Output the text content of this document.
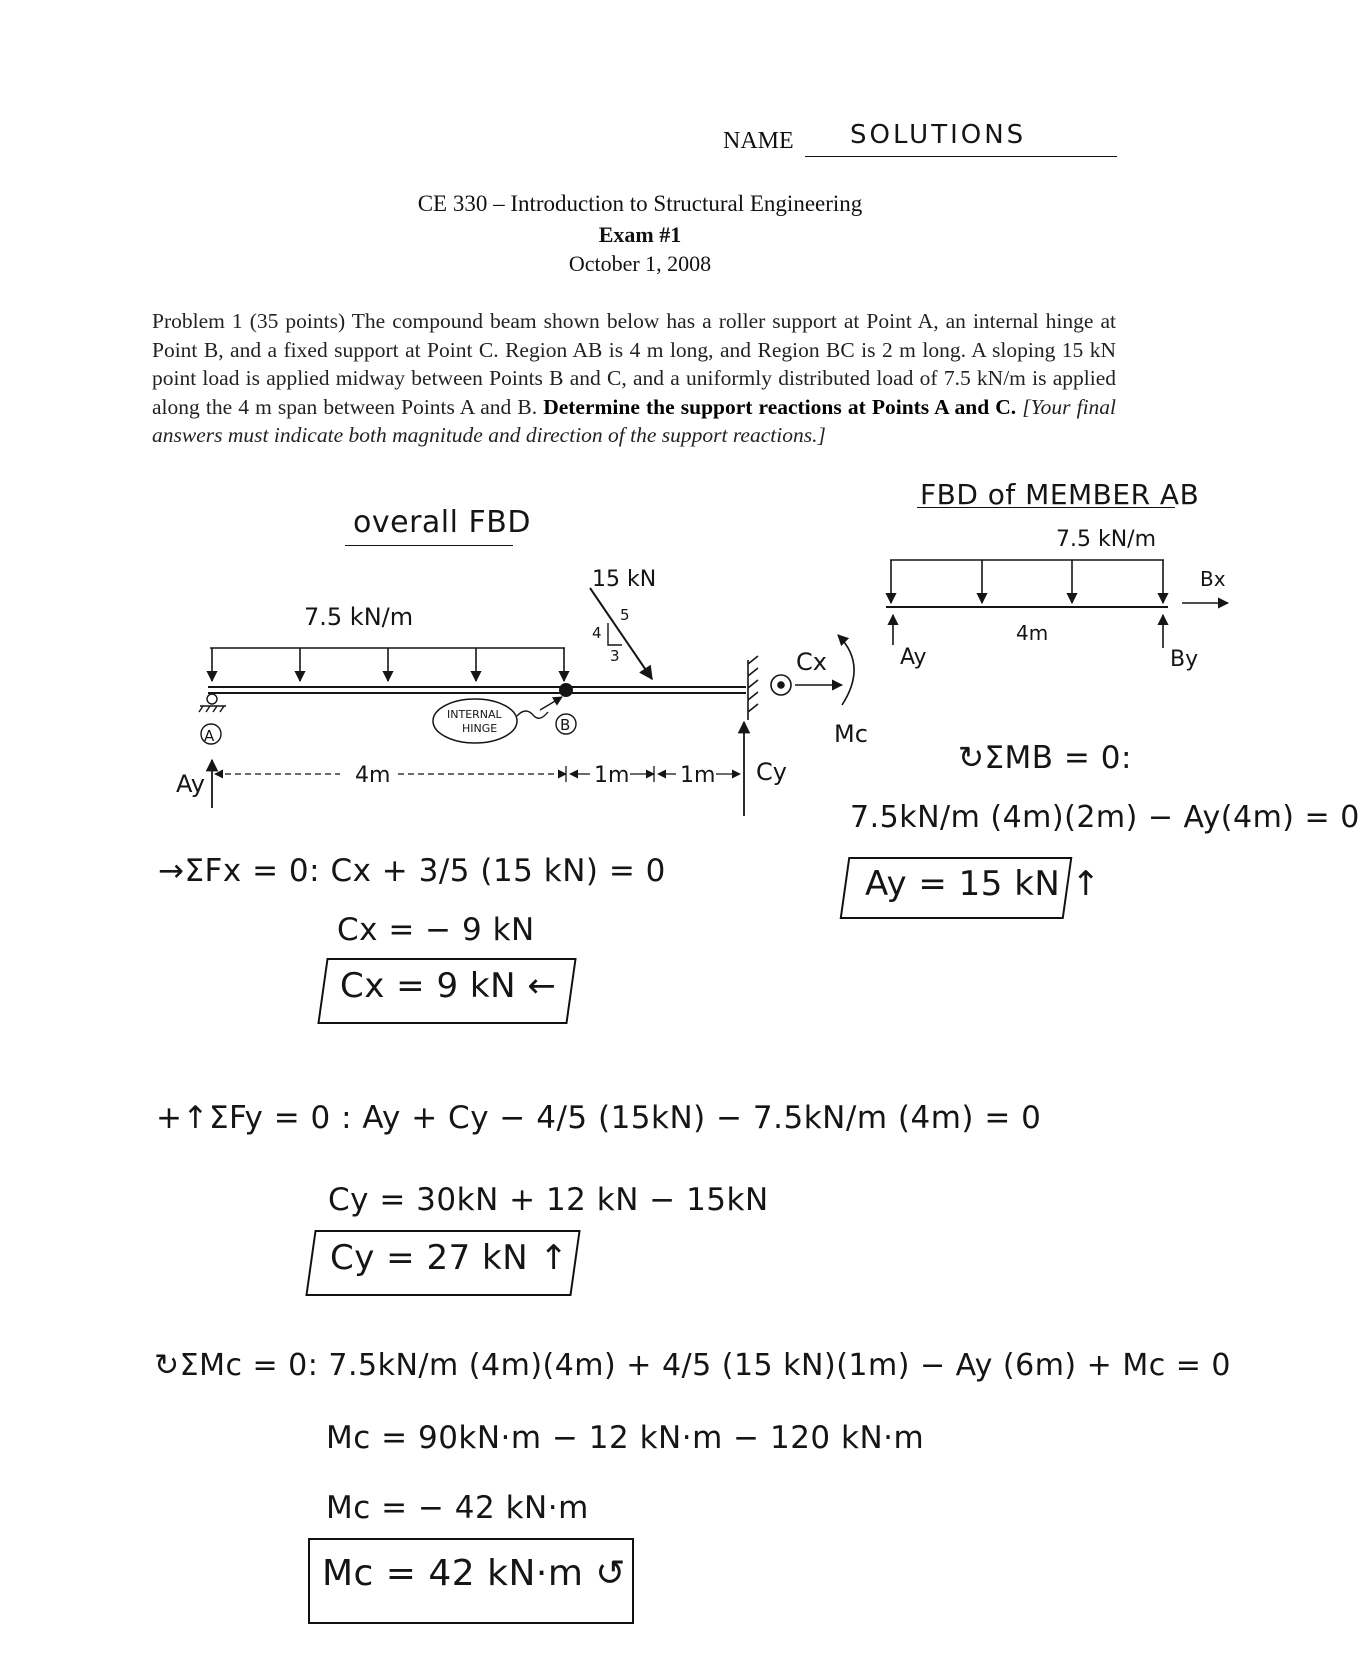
NAME SOLUTIONS
CE 330 – Introduction to Structural Engineering
Exam #1
October 1, 2008
Problem 1 (35 points) The compound beam shown below has a roller support at Point A, an internal hinge at Point B, and a fixed support at Point C. Region AB is 4 m long, and Region BC is 2 m long. A sloping 15 kN point load is applied midway between Points B and C, and a uniformly distributed load of 7.5 kN/m is applied along the 4 m span between Points A and B. Determine the support reactions at Points A and C. [Your final answers must indicate both magnitude and direction of the support reactions.]
overall FBD
FBD of MEMBER AB
7.5 kN/m
A
15 kN
5
4
3
INTERNAL
HINGE	B
Ay	Cy
Cx
Mc
4m	1m 1m
7.5 kN/m
Bx
Ay
4m
By
↻ΣMB = 0:
7.5kN/m (4m)(2m) − Ay(4m) = 0
Ay = 15 kN ↑
→ΣFx = 0: Cx + 3/5 (15 kN) = 0
Cx = − 9 kN
Cx = 9 kN ←
+↑ΣFy = 0 : Ay + Cy − 4/5 (15kN) − 7.5kN/m (4m) = 0
Cy = 30kN + 12 kN − 15kN
Cy = 27 kN ↑
↻ΣMc = 0: 7.5kN/m (4m)(4m) + 4/5 (15 kN)(1m) − Ay (6m) + Mc = 0
Mc = 90kN·m − 12 kN·m − 120 kN·m
Mc = − 42 kN·m
Mc = 42 kN·m ↺
